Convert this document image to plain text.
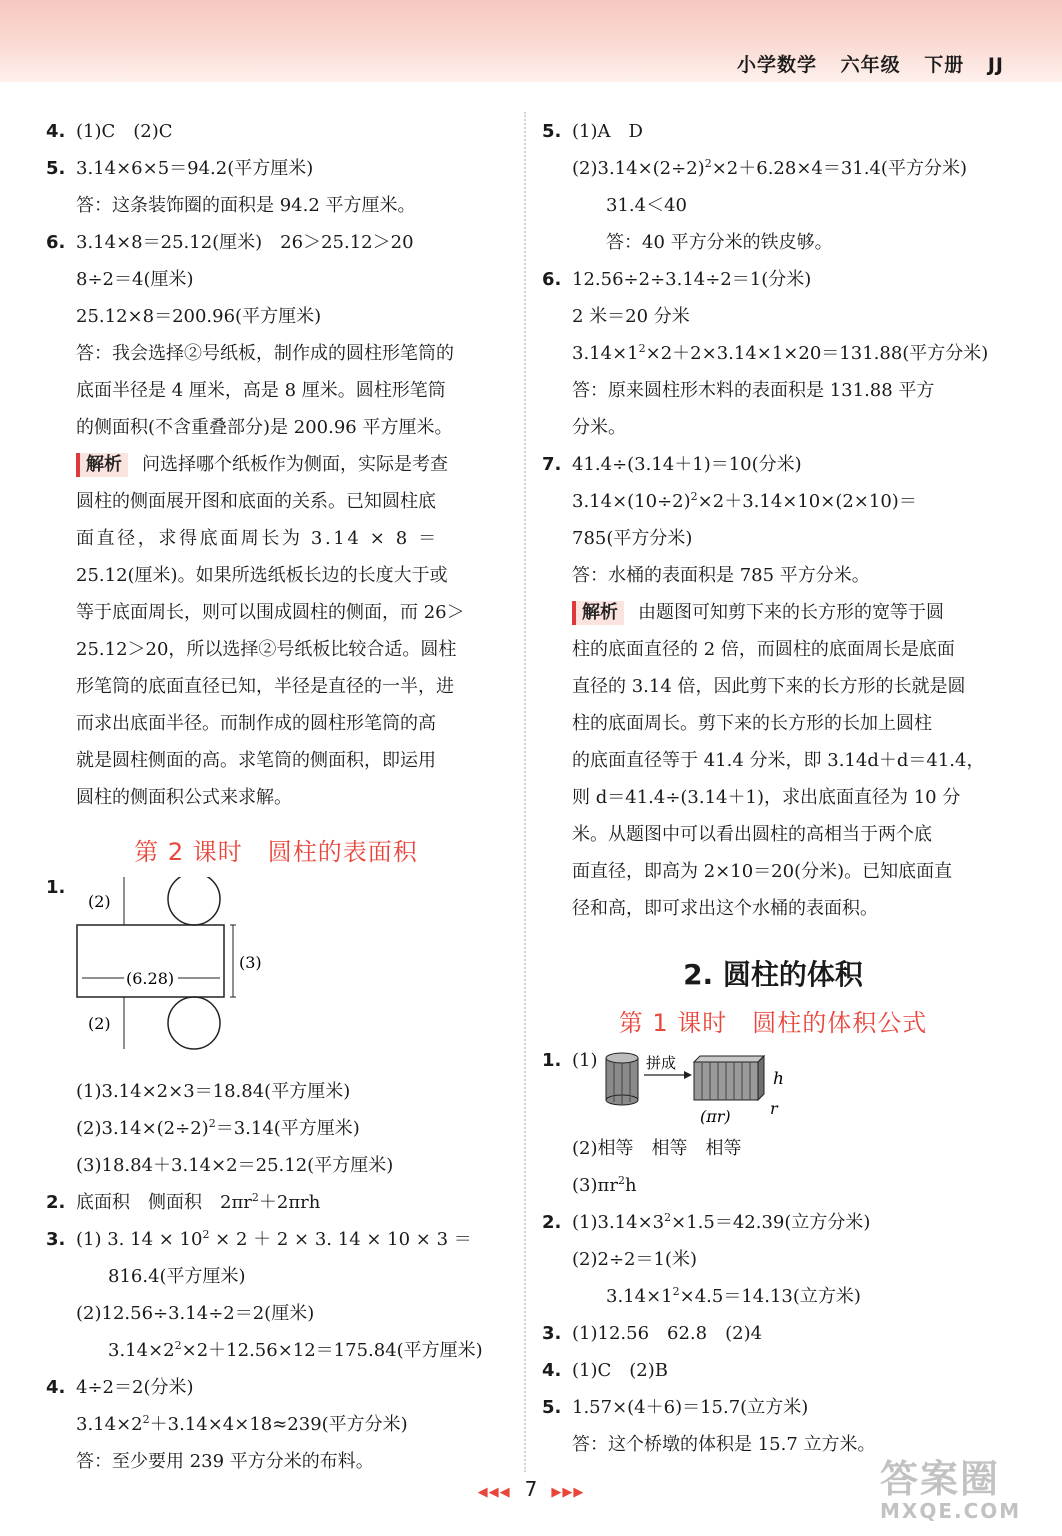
小学数学 六年级 下册 JJ
4. (1)C　(2)C
5. 3.14×6×5＝94.2(平方厘米)
答：这条装饰圈的面积是 94.2 平方厘米。
6. 3.14×8＝25.12(厘米)　26＞25.12＞20
8÷2＝4(厘米)
25.12×8＝200.96(平方厘米)
答：我会选择②号纸板，制作成的圆柱形笔筒的
底面半径是 4 厘米，高是 8 厘米。圆柱形笔筒
的侧面积(不含重叠部分)是 200.96 平方厘米。
解析 问选择哪个纸板作为侧面，实际是考查
圆柱的侧面展开图和底面的关系。已知圆柱底
面直径，求得底面周长为 3.14 × 8 ＝
25.12(厘米)。如果所选纸板长边的长度大于或
等于底面周长，则可以围成圆柱的侧面，而 26＞
25.12＞20，所以选择②号纸板比较合适。圆柱
形笔筒的底面直径已知，半径是直径的一半，进
而求出底面半径。而制作成的圆柱形笔筒的高
就是圆柱侧面的高。求笔筒的侧面积，即运用
圆柱的侧面积公式来求解。
第 2 课时　圆柱的表面积
1.
(2)
(3)
(6.28)
(2)
(1)3.14×2×3＝18.84(平方厘米)
$(2)3.14\times(2\div 2)^2=3.14$(平方厘米)
(3)18.84＋3.14×2＝25.12(平方厘米)
2. 底面积　侧面积　$2\pi r^2+2\pi rh$
3. (1) 3. $14 \times 10^2 \times 2 + 2 \times 3$. 14 × 10 × 3 ＝
816.4(平方厘米)
(2)12.56÷3.14÷2＝2(厘米)
$3.14\times 2^2\times 2+12.56\times 12=175.84$(平方厘米)
4. 4÷2＝2(分米)
$3.14\times 2^2+3.14\times 4\times 18\approx 239$(平方分米)
答：至少要用 239 平方分米的布料。
5. (1)A　D
$(2)3.14\times(2\div 2)^2\times 2+6.28\times 4=31.4$(平方分米)
31.4＜40
答：40 平方分米的铁皮够。
6. 12.56÷2÷3.14÷2＝1(分米)
2 米＝20 分米
$3.14\times 1^2\times 2+2\times 3.14\times 1\times 20=131.88$(平方分米)
答：原来圆柱形木料的表面积是 131.88 平方
分米。
7. 41.4÷(3.14＋1)＝10(分米)
$3.14\times(10\div 2)^2\times 2+3.14\times 10\times(2\times 10)=$
785(平方分米)
答：水桶的表面积是 785 平方分米。
解析 由题图可知剪下来的长方形的宽等于圆
柱的底面直径的 2 倍，而圆柱的底面周长是底面
直径的 3.14 倍，因此剪下来的长方形的长就是圆
柱的底面周长。剪下来的长方形的长加上圆柱
的底面直径等于 41.4 分米，即 3.14d＋d＝41.4，
则 d＝41.4÷(3.14＋1)，求出底面直径为 10 分
米。从题图中可以看出圆柱的高相当于两个底
面直径，即高为 2×10＝20(分米)。已知底面直
径和高，即可求出这个水桶的表面积。
2. 圆柱的体积
第 1 课时　圆柱的体积公式
1. (1)	拼成
h
(πr) r
(2)相等　相等　相等
$(3)\pi r^2h$
2. $(1)3.14\times 3^2\times 1.5=42.39$(立方分米)
(2)2÷2＝1(米)
$3.14\times 1^2\times 4.5=14.13$(立方米)
3. (1)12.56　62.8　(2)4
4. (1)C　(2)B
5. 1.57×(4＋6)＝15.7(立方米)
答：这个桥墩的体积是 15.7 立方米。
◀◀◀ 7 ▶▶▶	答案圈
MXQE.COM
